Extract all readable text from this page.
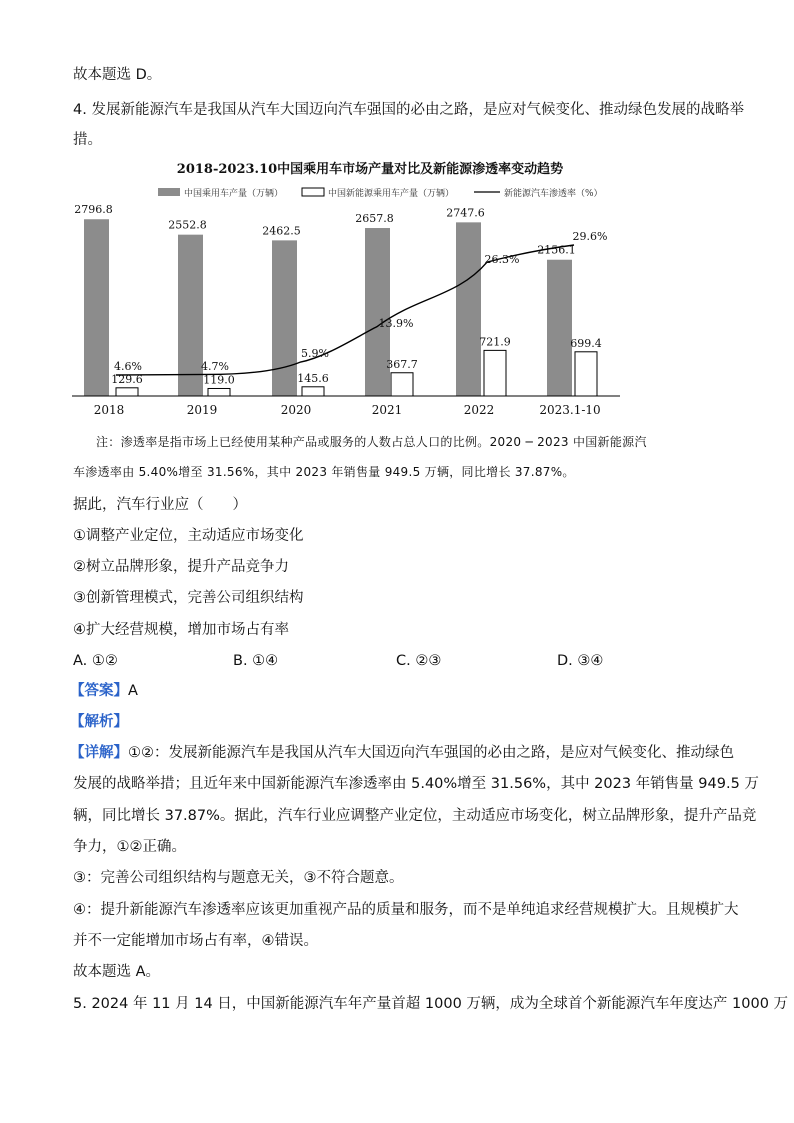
故本题选 D。
4. 发展新能源汽车是我国从汽车大国迈向汽车强国的必由之路，是应对气候变化、推动绿色发展的战略举
措。
2018-2023.10中国乘用车市场产量对比及新能源渗透率变动趋势
中国乘用车产量（万辆）	中国新能源乘用车产量（万辆）	新能源汽车渗透率（%）
2796.8
129.6
2018
2552.8
119.0
2019
2462.5
145.6
2020
2657.8
367.7
2021
2747.6
721.9
2022
2156.1
699.4
2023.1-10
4.6%	4.7%
5.9%
13.9%
26.3%
29.6%
注：渗透率是指市场上已经使用某种产品或服务的人数占总人口的比例。2020 ─ 2023 中国新能源汽
车渗透率由 5.40%增至 31.56%，其中 2023 年销售量 949.5 万辆，同比增长 37.87%。
据此，汽车行业应（　　）
①调整产业定位，主动适应市场变化
②树立品牌形象，提升产品竞争力
③创新管理模式，完善公司组织结构
④扩大经营规模，增加市场占有率
A. ①②	B. ①④	C. ②③	D. ③④
【答案】A
【解析】
【详解】①②：发展新能源汽车是我国从汽车大国迈向汽车强国的必由之路，是应对气候变化、推动绿色
发展的战略举措；且近年来中国新能源汽车渗透率由 5.40%增至 31.56%，其中 2023 年销售量 949.5 万
辆，同比增长 37.87%。据此，汽车行业应调整产业定位，主动适应市场变化，树立品牌形象，提升产品竞
争力，①②正确。
③：完善公司组织结构与题意无关，③不符合题意。
④：提升新能源汽车渗透率应该更加重视产品的质量和服务，而不是单纯追求经营规模扩大。且规模扩大
并不一定能增加市场占有率，④错误。
故本题选 A。
5. 2024 年 11 月 14 日，中国新能源汽车年产量首超 1000 万辆，成为全球首个新能源汽车年度达产 1000 万
